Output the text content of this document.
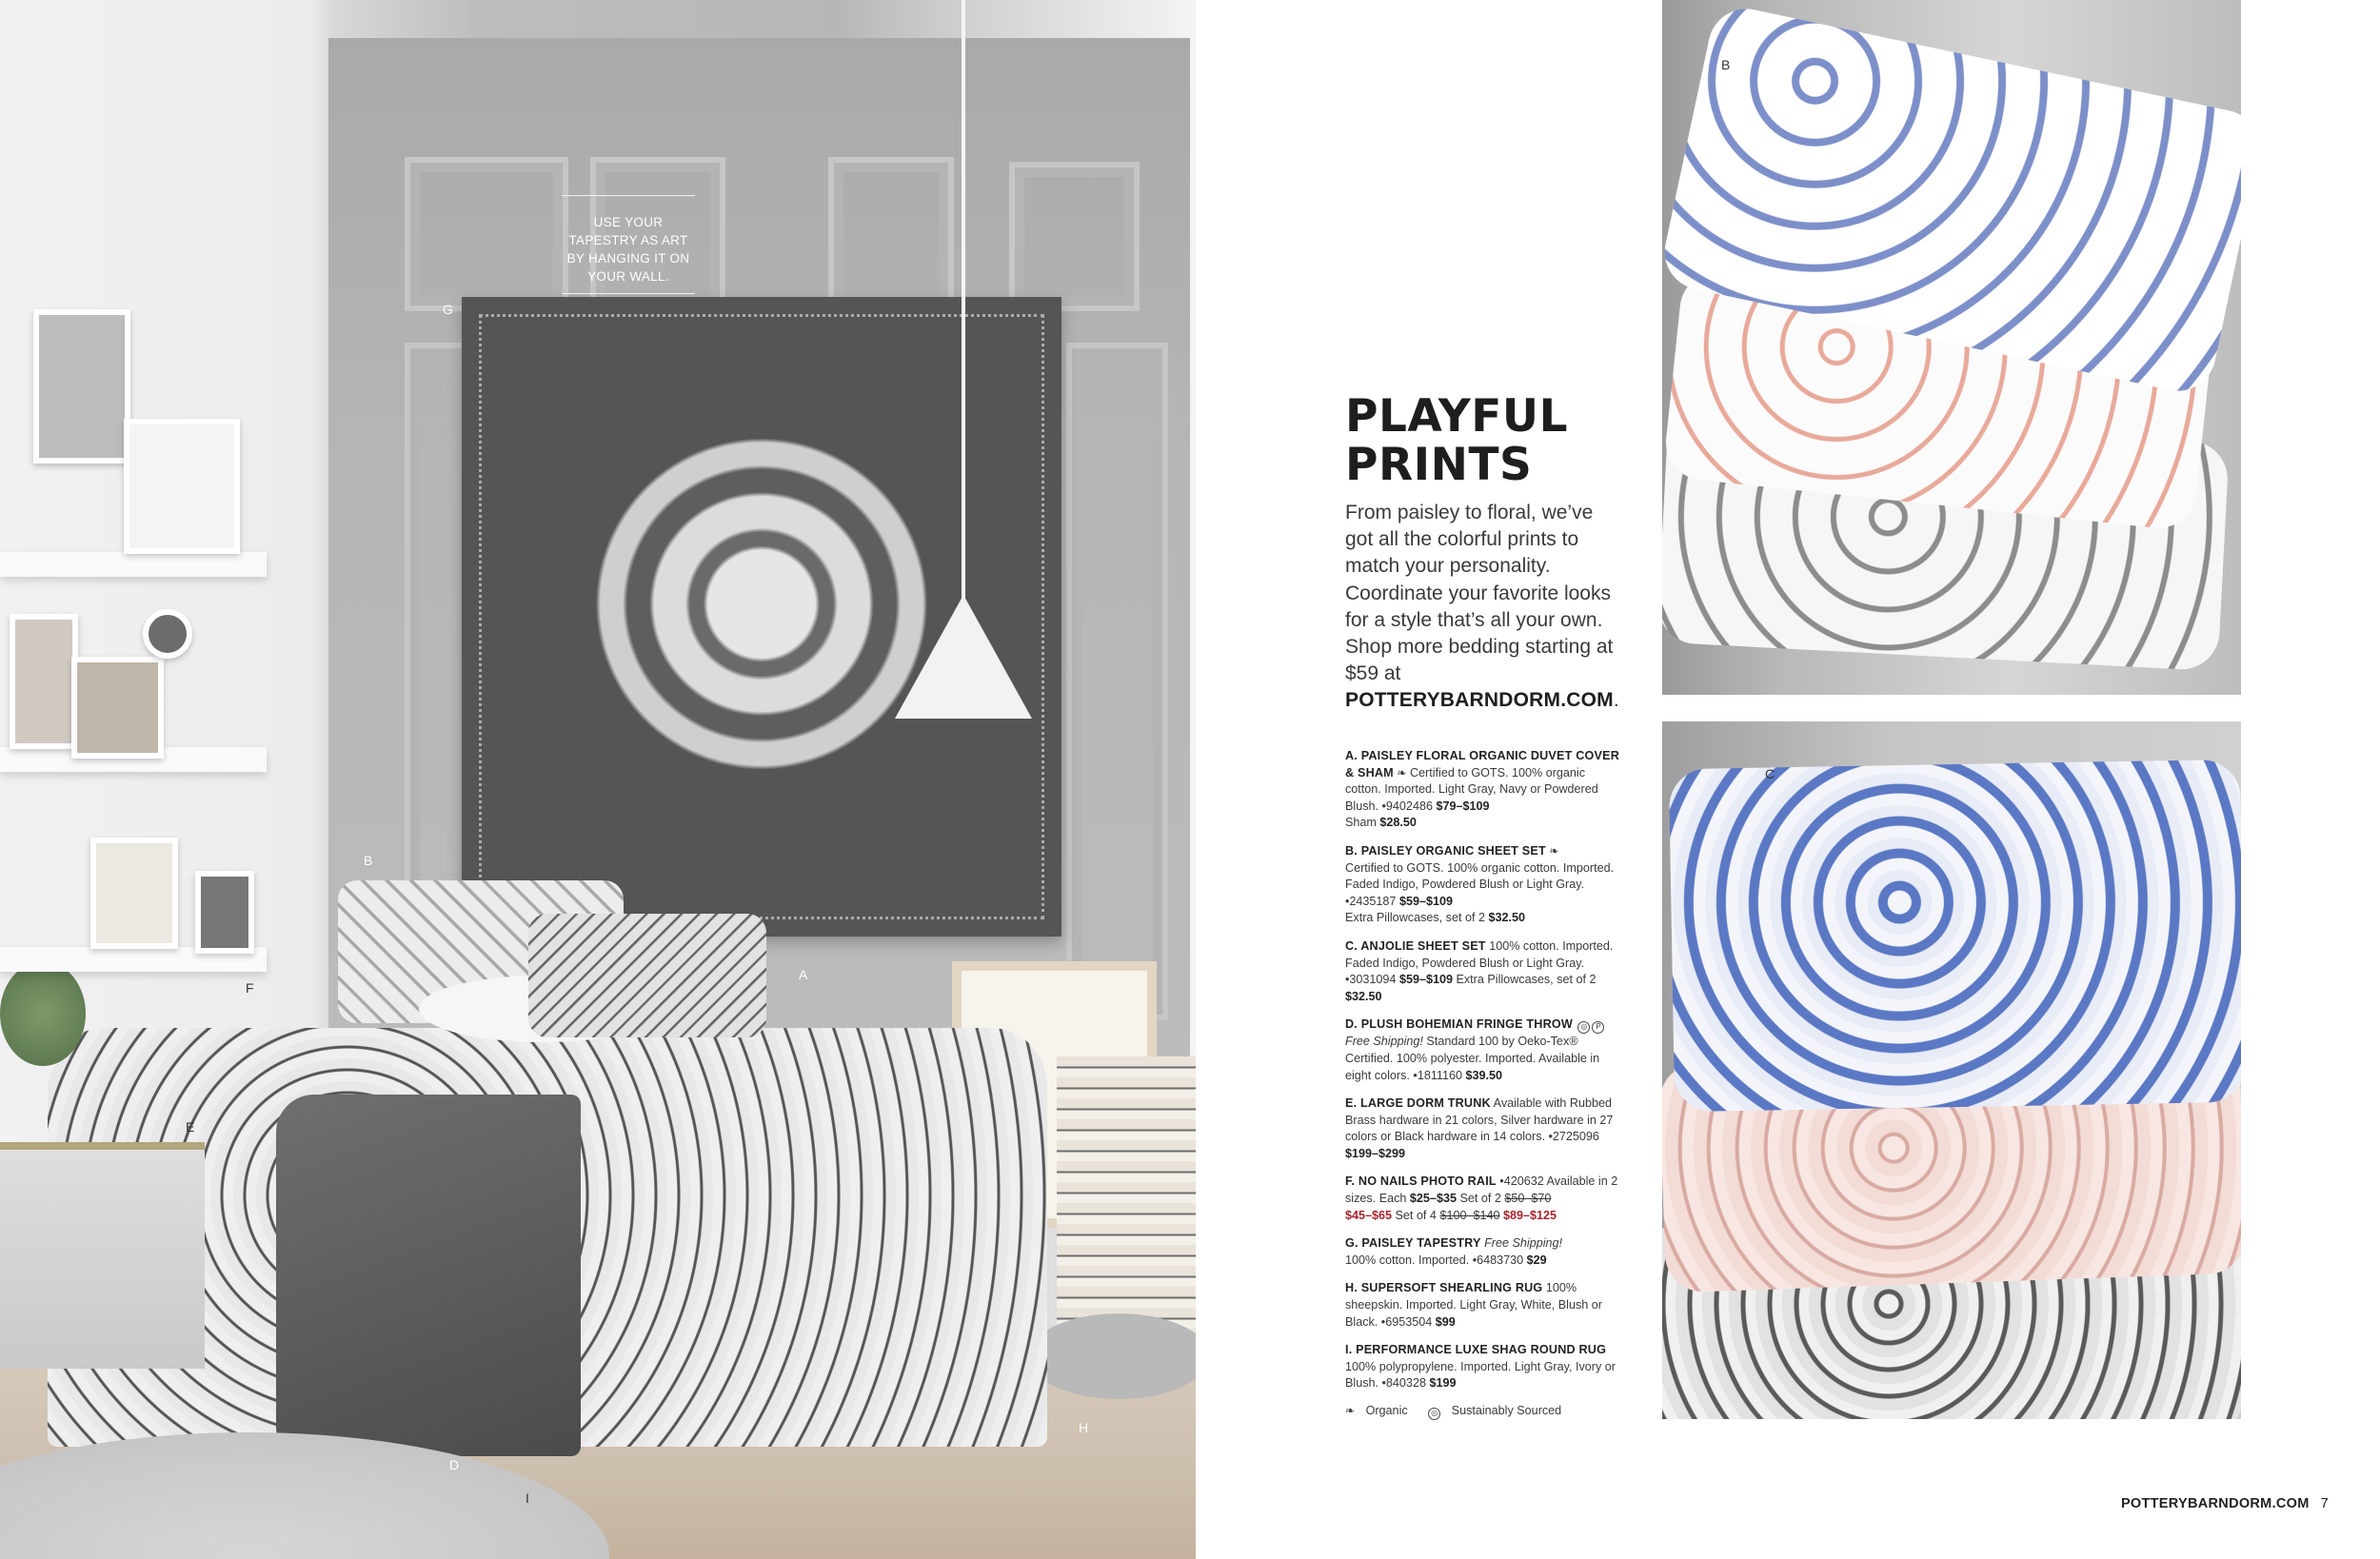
USE YOUR TAPESTRY AS ART BY HANGING IT ON YOUR WALL.
G
B
A
F
E
D
I
H
B
C
PLAYFUL
PRINTS

From paisley to floral, we’ve got all the colorful prints to match your personality. Coordinate your favorite looks for a style that’s all your own. Shop more bedding starting at $59 at POTTERYBARNDORM.COM.

A. PAISLEY FLORAL ORGANIC DUVET COVER & SHAM ❧ Certified to GOTS. 100% organic cotton. Imported. Light Gray, Navy or Powdered Blush. •9402486 $79–$109
Sham $28.50
B. PAISLEY ORGANIC SHEET SET ❧
Certified to GOTS. 100% organic cotton. Imported. Faded Indigo, Powdered Blush or Light Gray. •2435187 $59–$109
Extra Pillowcases, set of 2 $32.50
C. ANJOLIE SHEET SET 100% cotton. Imported. Faded Indigo, Powdered Blush or Light Gray. •3031094 $59–$109 Extra Pillowcases, set of 2 $32.50
D. PLUSH BOHEMIAN FRINGE THROW ◎ P
Free Shipping! Standard 100 by Oeko-Tex® Certified. 100% polyester. Imported. Available in eight colors. •1811160 $39.50
E. LARGE DORM TRUNK Available with Rubbed Brass hardware in 21 colors, Silver hardware in 27 colors or Black hardware in 14 colors. •2725096 $199–$299
F. NO NAILS PHOTO RAIL •420632 Available in 2 sizes. Each $25–$35 Set of 2 $50–$70
$45–$65 Set of 4 $100–$140 $89–$125
G. PAISLEY TAPESTRY Free Shipping!
100% cotton. Imported. •6483730 $29
H. SUPERSOFT SHEARLING RUG 100% sheepskin. Imported. Light Gray, White, Blush or Black. •6953504 $99
I. PERFORMANCE LUXE SHAG ROUND RUG
100% polypropylene. Imported. Light Gray, Ivory or Blush. •840328 $199
❧ Organic	◎ Sustainably Sourced
POTTERYBARNDORM.COM 7
